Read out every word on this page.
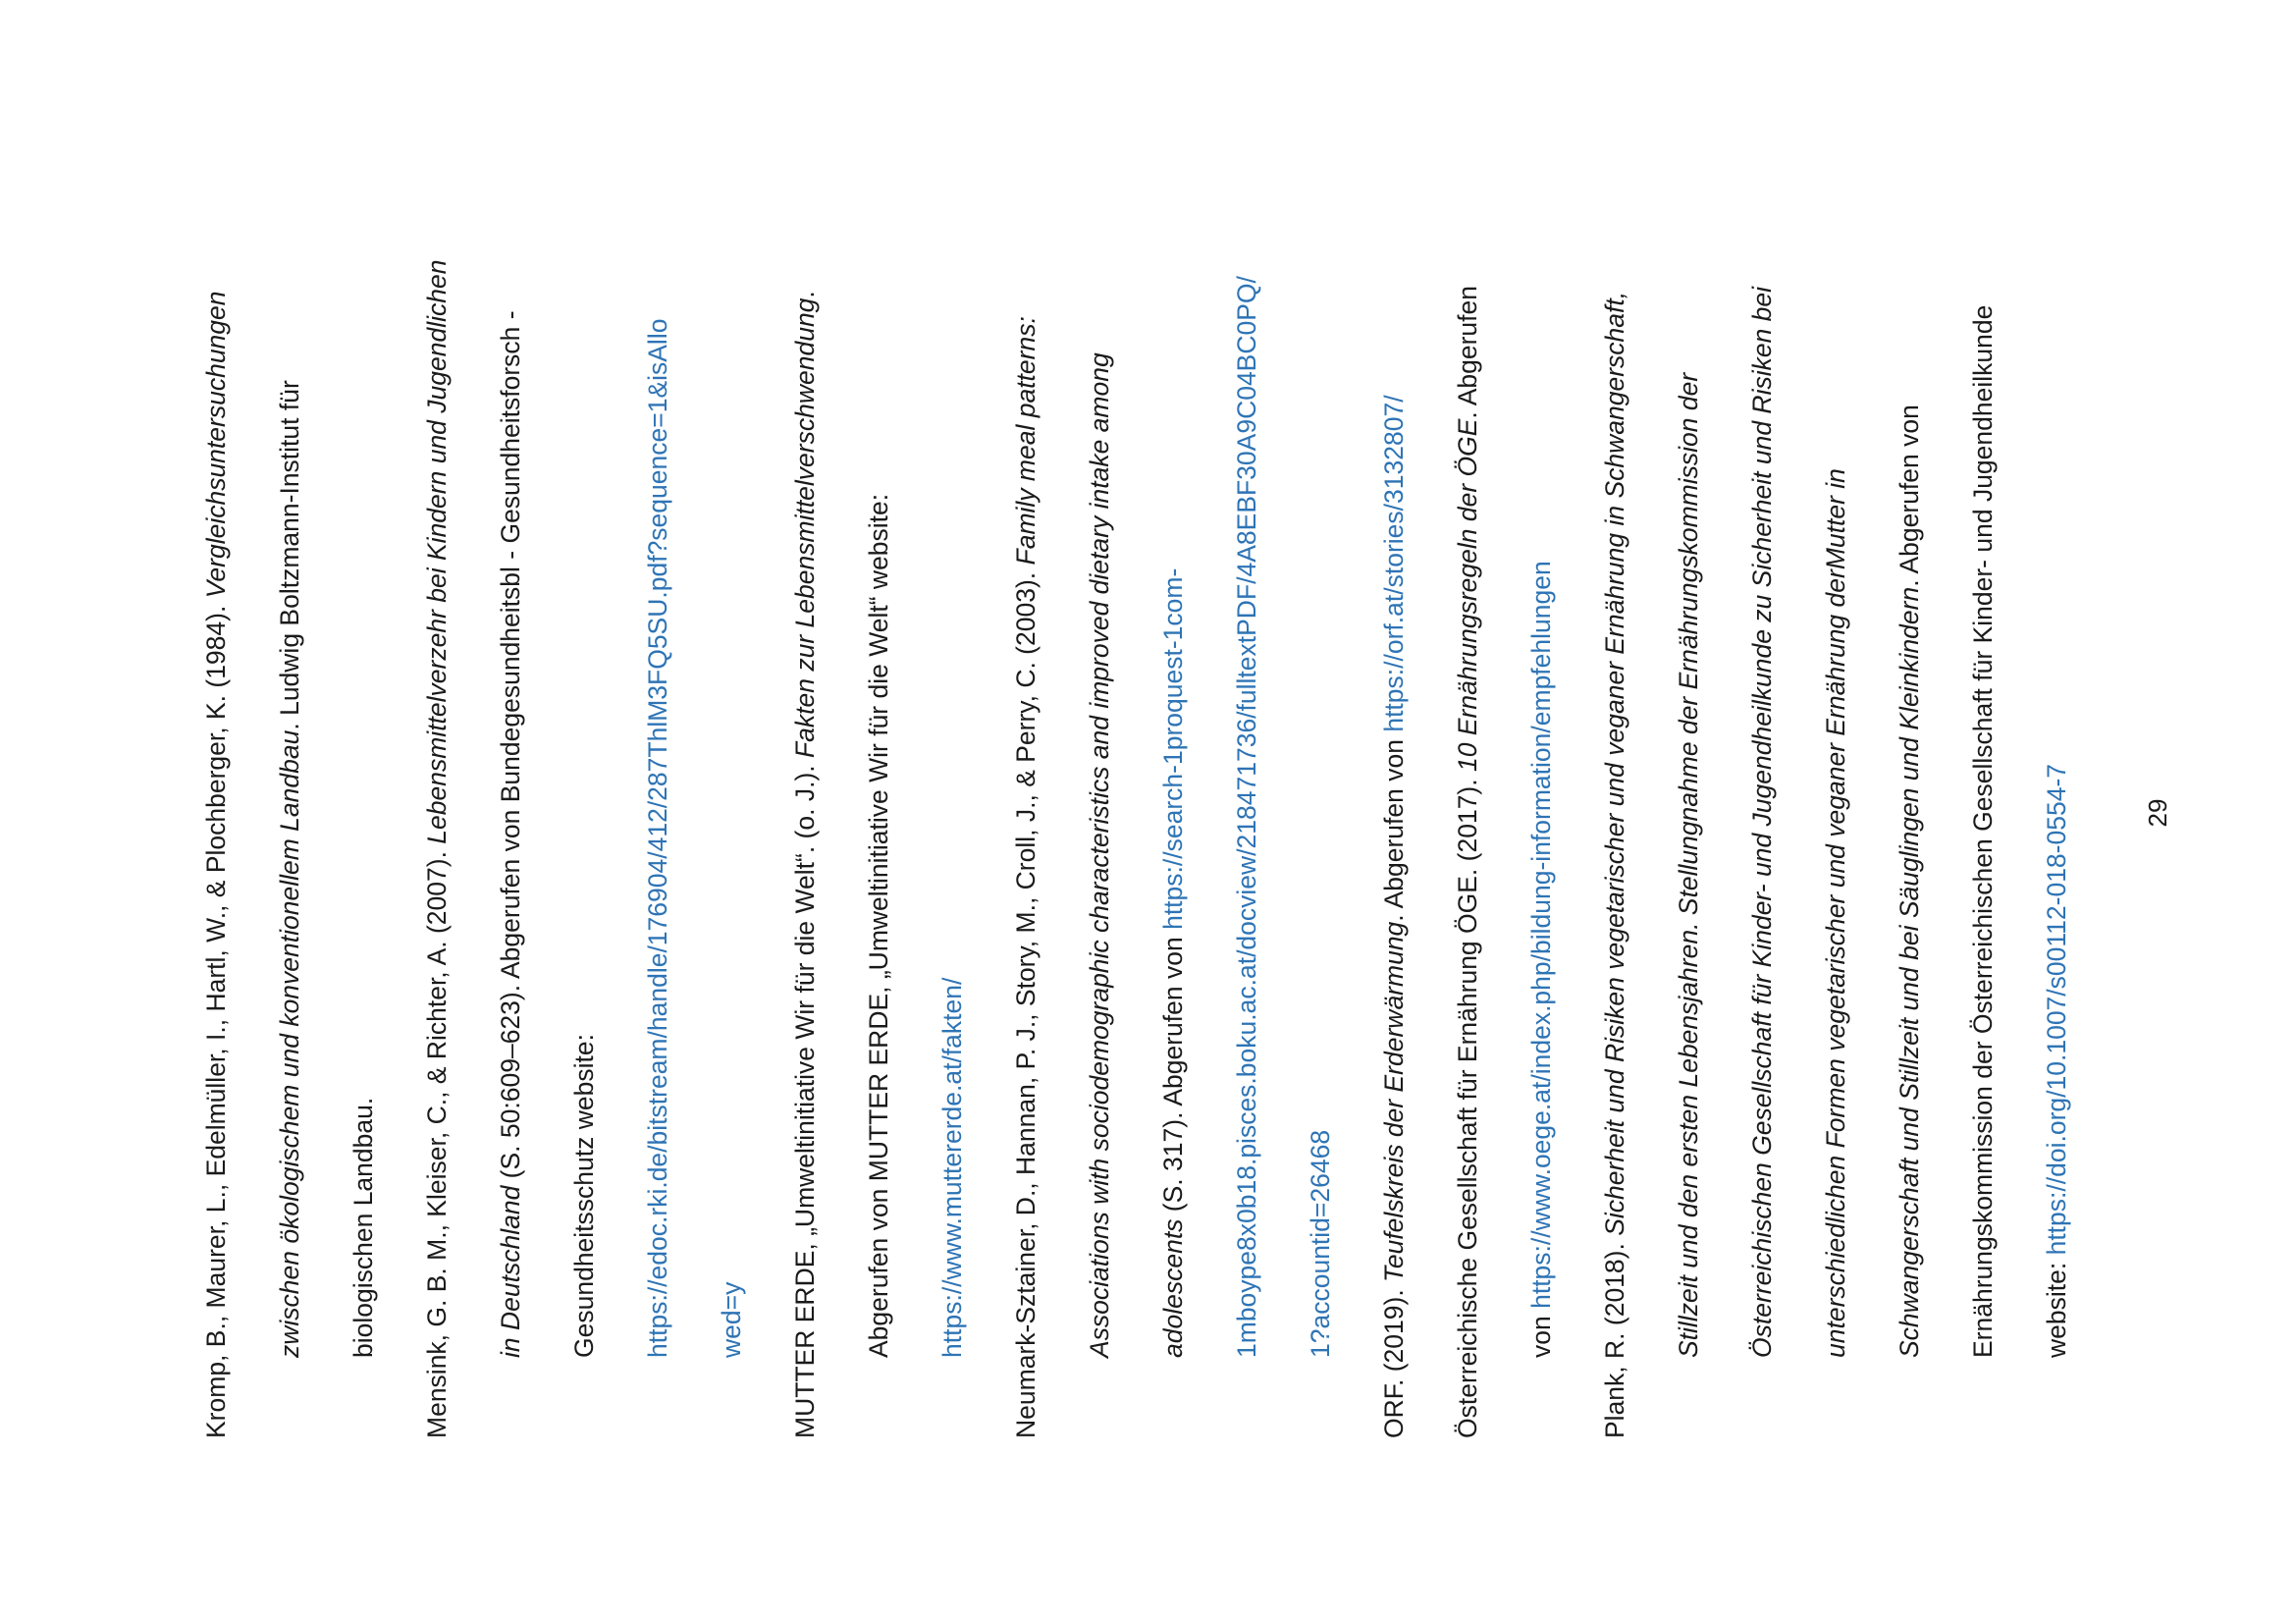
Kromp, B., Maurer, L., Edelmüller, I., Hartl, W., & Plochberger, K. (1984). Vergleichsuntersuchungen
zwischen ökologischem und konventionellem Landbau. Ludwig Boltzmann-Institut für
biologischen Landbau. Mensink, G. B. M., Kleiser, C., & Richter, A. (2007). Lebensmittelverzehr bei Kindern und Jugendlichen
in Deutschland (S. 50:609–623). Abgerufen von Bundegesundheitsbl - Gesundheitsforsch -
Gesundheitsschutz website: https://edoc.rki.de/bitstream/handle/176904/412/287ThlM3FQ5SU.pdf?sequence=1&isAllo wed=y MUTTER ERDE, „Umweltinitiative Wir für die Welt“. (o. J.). Fakten zur Lebensmittelverschwendung.
Abgerufen von MUTTER ERDE, „Umweltinitiative Wir für die Welt“ website: https://www.muttererde.at/fakten/ Neumark-Sztainer, D., Hannan, P. J., Story, M., Croll, J., & Perry, C. (2003). Family meal patterns: Associations with sociodemographic characteristics and improved dietary intake among adolescents (S. 317). Abgerufen von https://search-1proquest-1com- 1mboype8x0b18.pisces.boku.ac.at/docview/218471736/fulltextPDF/4A8EBF30A9C04BC0PQ/ 1?accountid=26468
ORF. (2019). Teufelskreis der Erderwärmung. Abgerufen von https://orf.at/stories/3132807/
Österreichische Gesellschaft für Ernährung ÖGE. (2017). 10 Ernährungsregeln der ÖGE. Abgerufen
von https://www.oege.at/index.php/bildung-information/empfehlungen
Plank, R. (2018). Sicherheit und Risiken vegetarischer und veganer Ernährung in Schwangerschaft, Stillzeit und den ersten Lebensjahren. Stellungnahme der Ernährungskommission der Österreichischen Gesellschaft für Kinder- und Jugendheilkunde zu Sicherheit und Risiken bei unterschiedlichen Formen vegetarischer und veganer Ernährung derMutter in Schwangerschaft und Stillzeit und bei Säuglingen und Kleinkindern. Abgerufen von Ernährungskommission der Österreichischen Gesellschaft für Kinder- und Jugendheilkunde website: https://doi.org/10.1007/s00112-018-0554-7	29
